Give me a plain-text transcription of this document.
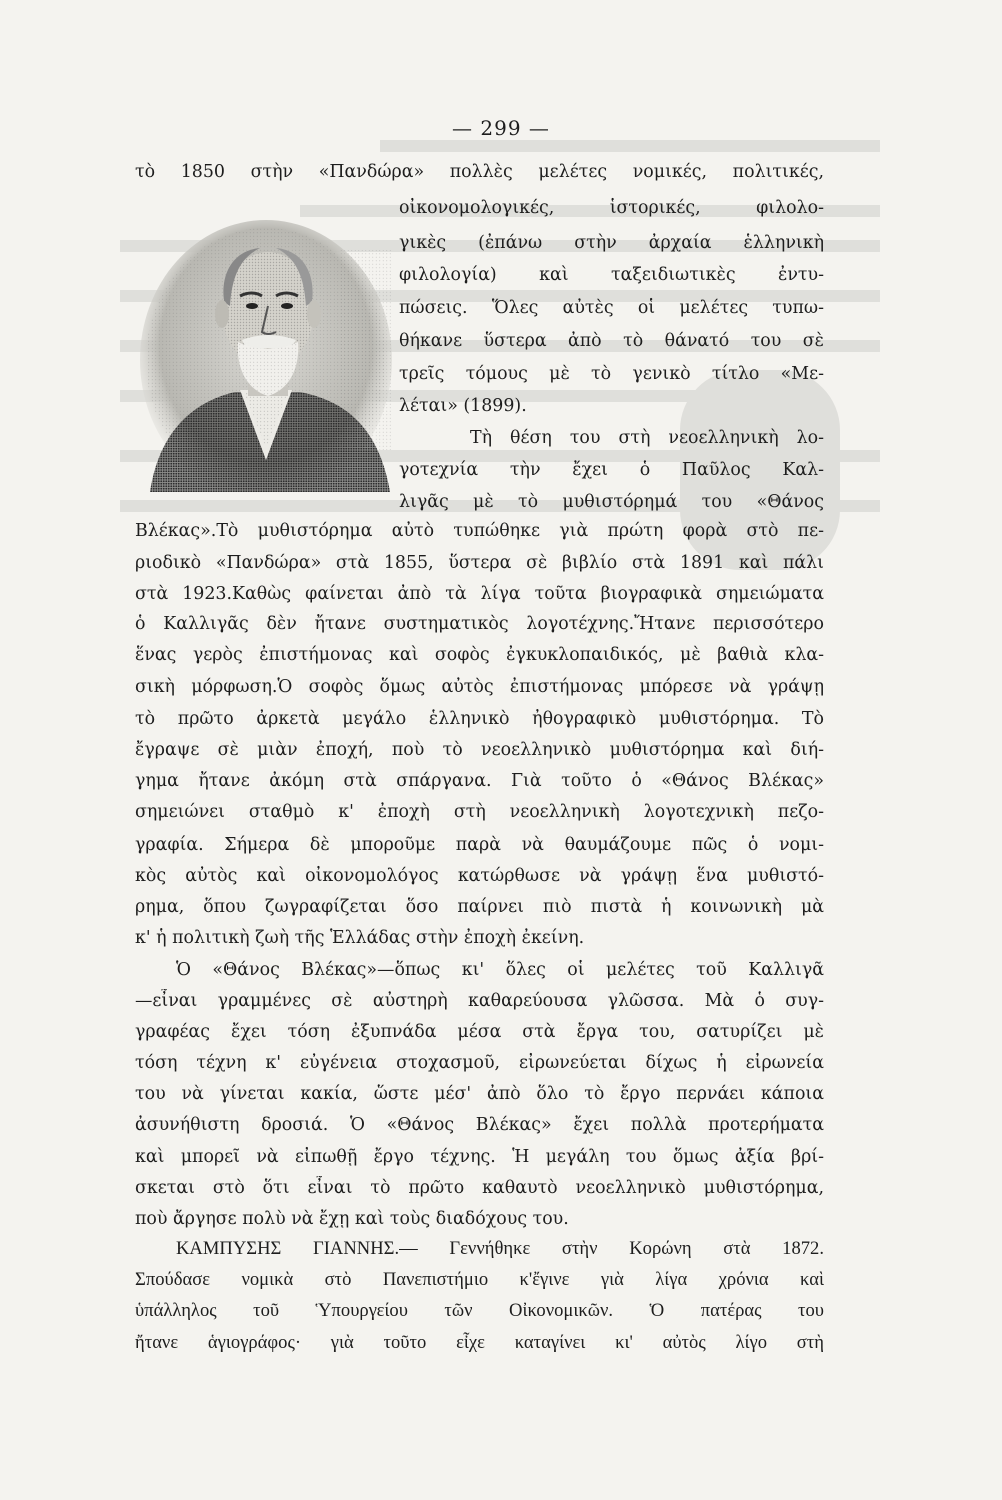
— 299 —
τὸ 1850 στὴν «Πανδώρα» πολλὲς μελέτες νομικές, πολιτικές,
οἰκονομολογικές, ἱστορικές, φιλολο-
γικὲς (ἐπάνω στὴν ἀρχαία ἑλληνικὴ
φιλολογία) καὶ ταξειδιωτικὲς ἐντυ-
πώσεις. Ὅλες αὐτὲς οἱ μελέτες τυπω-
θήκανε ὕστερα ἀπὸ τὸ θάνατό του σὲ
τρεῖς τόμους μὲ τὸ γενικὸ τίτλο «Με-
λέται» (1899).
Τὴ θέση του στὴ νεοελληνικὴ λο-
γοτεχνία τὴν ἔχει ὁ Παῦλος Καλ-
λιγᾶς μὲ τὸ μυθιστόρημά του «Θάνος
Βλέκας».Τὸ μυθιστόρημα αὐτὸ τυπώθηκε γιὰ πρώτη φορὰ στὸ πε-
ριοδικὸ «Πανδώρα» στὰ 1855, ὕστερα σὲ βιβλίο στὰ 1891 καὶ πάλι
στὰ 1923.Καθὼς φαίνεται ἀπὸ τὰ λίγα τοῦτα βιογραφικὰ σημειώματα
ὁ Καλλιγᾶς δὲν ἤτανε συστηματικὸς λογοτέχνης.Ἤτανε περισσότερο
ἕνας γερὸς ἐπιστήμονας καὶ σοφὸς ἐγκυκλοπαιδικός, μὲ βαθιὰ κλα-
σικὴ μόρφωση.Ὁ σοφὸς ὅμως αὐτὸς ἐπιστήμονας μπόρεσε νὰ γράψῃ
τὸ πρῶτο ἀρκετὰ μεγάλο ἑλληνικὸ ἠθογραφικὸ μυθιστόρημα. Τὸ
ἔγραψε σὲ μιὰν ἐποχή, ποὺ τὸ νεοελληνικὸ μυθιστόρημα καὶ διή-
γημα ἤτανε ἀκόμη στὰ σπάργανα. Γιὰ τοῦτο ὁ «Θάνος Βλέκας»
σημειώνει σταθμὸ κ' ἐποχὴ στὴ νεοελληνικὴ λογοτεχνικὴ πεζο-
γραφία. Σήμερα δὲ μποροῦμε παρὰ νὰ θαυμάζουμε πῶς ὁ νομι-
κὸς αὐτὸς καὶ οἰκονομολόγος κατώρθωσε νὰ γράψῃ ἕνα μυθιστό-
ρημα, ὅπου ζωγραφίζεται ὅσο παίρνει πιὸ πιστὰ ἡ κοινωνικὴ μὰ
κ' ἡ πολιτικὴ ζωὴ τῆς Ἑλλάδας στὴν ἐποχὴ ἐκείνη.
Ὁ «Θάνος Βλέκας»—ὅπως κι' ὅλες οἱ μελέτες τοῦ Καλλιγᾶ
—εἶναι γραμμένες σὲ αὐστηρὴ καθαρεύουσα γλῶσσα. Μὰ ὁ συγ-
γραφέας ἔχει τόση ἐξυπνάδα μέσα στὰ ἔργα του, σατυρίζει μὲ
τόση τέχνη κ' εὐγένεια στοχασμοῦ, εἰρωνεύεται δίχως ἡ εἰρωνεία
του νὰ γίνεται κακία, ὥστε μέσ' ἀπὸ ὅλο τὸ ἔργο περνάει κάποια
ἀσυνήθιστη δροσιά. Ὁ «Θάνος Βλέκας» ἔχει πολλὰ προτερήματα
καὶ μπορεῖ νὰ εἰπωθῇ ἔργο τέχνης. Ἡ μεγάλη του ὅμως ἀξία βρί-
σκεται στὸ ὅτι εἶναι τὸ πρῶτο καθαυτὸ νεοελληνικὸ μυθιστόρημα,
ποὺ ἄργησε πολὺ νὰ ἔχῃ καὶ τοὺς διαδόχους του.
ΚΑΜΠΥΣΗΣ ΓΙΑΝΝΗΣ.— Γεννήθηκε στὴν Κορώνη στὰ 1872.
Σπούδασε νομικὰ στὸ Πανεπιστήμιο κ'ἔγινε γιὰ λίγα χρόνια καὶ
ὑπάλληλος τοῦ Ὑπουργείου τῶν Οἰκονομικῶν. Ὁ πατέρας του
ἤτανε ἁγιογράφος· γιὰ τοῦτο εἶχε καταγίνει κι' αὐτὸς λίγο στὴ
